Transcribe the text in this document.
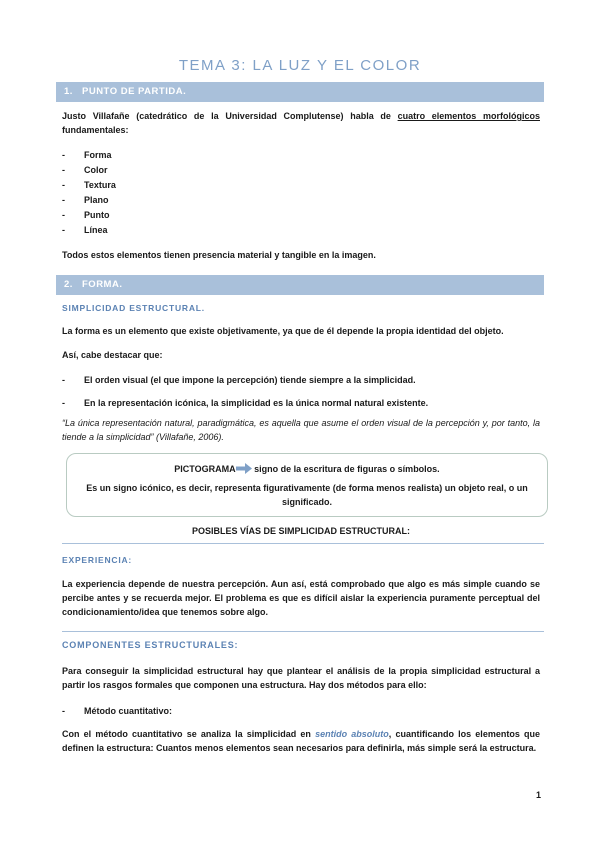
TEMA 3: LA LUZ Y EL COLOR
1. PUNTO DE PARTIDA.
Justo Villafañe (catedrático de la Universidad Complutense) habla de cuatro elementos morfológicos fundamentales:
- Forma
- Color
- Textura
- Plano
- Punto
- Línea
Todos estos elementos tienen presencia material y tangible en la imagen.
2. FORMA.
SIMPLICIDAD ESTRUCTURAL.
La forma es un elemento que existe objetivamente, ya que de él depende la propia identidad del objeto.
Así, cabe destacar que:
- El orden visual (el que impone la percepción) tiende siempre a la simplicidad.
- En la representación icónica, la simplicidad es la única normal natural existente.
“La única representación natural, paradigmática, es aquella que asume el orden visual de la percepción y, por tanto, la tiende a la simplicidad” (Villafañe, 2006).
PICTOGRAMA signo de la escritura de figuras o símbolos.
Es un signo icónico, es decir, representa figurativamente (de forma menos realista) un objeto real, o un significado.
POSIBLES VÍAS DE SIMPLICIDAD ESTRUCTURAL:
EXPERIENCIA:
La experiencia depende de nuestra percepción. Aun así, está comprobado que algo es más simple cuando se percibe antes y se recuerda mejor. El problema es que es difícil aislar la experiencia puramente perceptual del condicionamiento/idea que tenemos sobre algo.
COMPONENTES ESTRUCTURALES:
Para conseguir la simplicidad estructural hay que plantear el análisis de la propia simplicidad estructural a partir los rasgos formales que componen una estructura. Hay dos métodos para ello:
- Método cuantitativo:
Con el método cuantitativo se analiza la simplicidad en sentido absoluto, cuantificando los elementos que definen la estructura: Cuantos menos elementos sean necesarios para definirla, más simple será la estructura.
1
